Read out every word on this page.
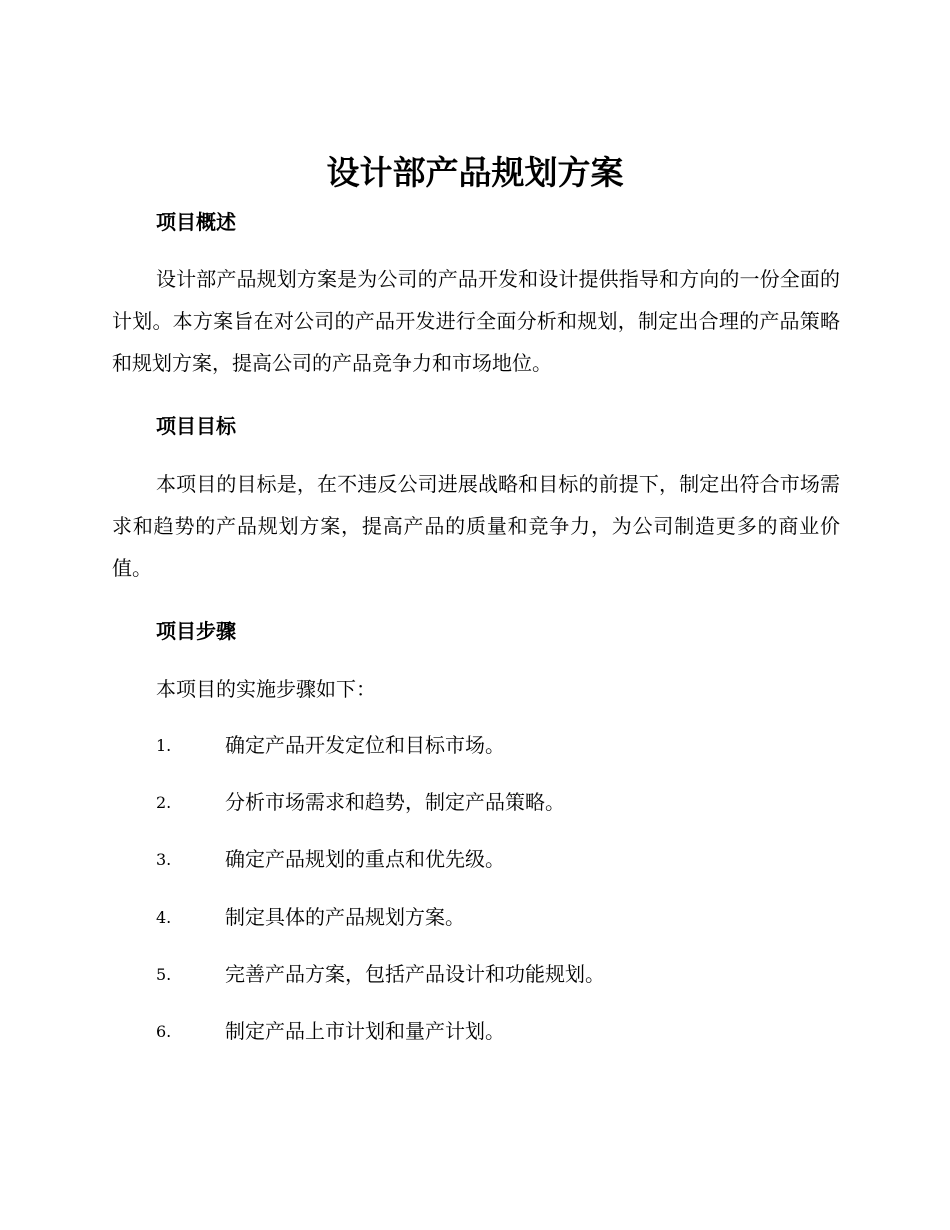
设计部产品规划方案
项目概述
设计部产品规划方案是为公司的产品开发和设计提供指导和方向的一份全面的计划。本方案旨在对公司的产品开发进行全面分析和规划，制定出合理的产品策略和规划方案，提高公司的产品竞争力和市场地位。
项目目标
本项目的目标是，在不违反公司进展战略和目标的前提下，制定出符合市场需求和趋势的产品规划方案，提高产品的质量和竞争力，为公司制造更多的商业价值。
项目步骤
本项目的实施步骤如下：
1.	确定产品开发定位和目标市场。
2.	分析市场需求和趋势，制定产品策略。
3.	确定产品规划的重点和优先级。
4.	制定具体的产品规划方案。
5.	完善产品方案，包括产品设计和功能规划。
6.	制定产品上市计划和量产计划。
